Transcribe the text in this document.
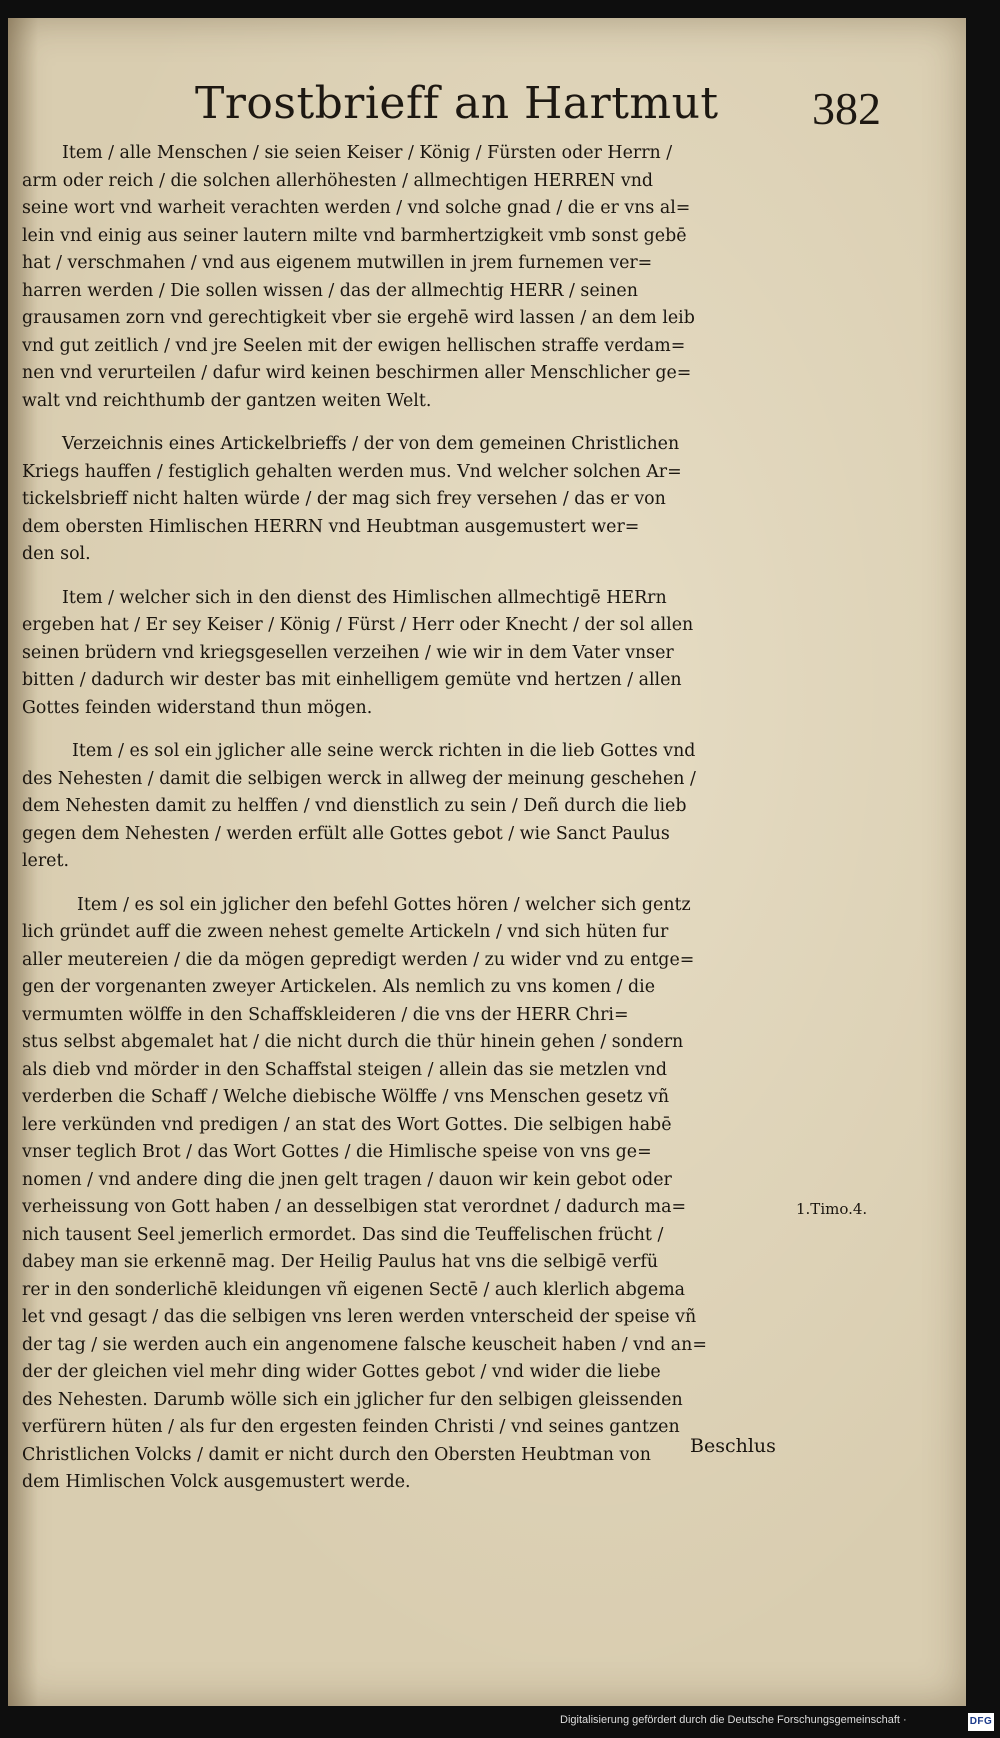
Trostbrieff an Hartmut 382
Item / alle Menschen / sie seien Keiser / König / Fürsten oder Herrn /
arm oder reich / die solchen allerhöhesten / allmechtigen HERREN vnd
seine wort vnd warheit verachten werden / vnd solche gnad / die er vns al=
lein vnd einig aus seiner lautern milte vnd barmhertzigkeit vmb sonst gebē
hat / verschmahen / vnd aus eigenem mutwillen in jrem furnemen ver=
harren werden / Die sollen wissen / das der allmechtig HERR / seinen
grausamen zorn vnd gerechtigkeit vber sie ergehē wird lassen / an dem leib
vnd gut zeitlich / vnd jre Seelen mit der ewigen hellischen straffe verdam=
nen vnd verurteilen / dafur wird keinen beschirmen aller Menschlicher ge=
walt vnd reichthumb der gantzen weiten Welt.
Verzeichnis eines Artickelbrieffs / der von dem gemeinen Christlichen
Kriegs hauffen / festiglich gehalten werden mus. Vnd welcher solchen Ar=
tickelsbrieff nicht halten würde / der mag sich frey versehen / das er von
dem obersten Himlischen HERRN vnd Heubtman ausgemustert wer=
den sol.
Item / welcher sich in den dienst des Himlischen allmechtigē HERrn
ergeben hat / Er sey Keiser / König / Fürst / Herr oder Knecht / der sol allen
seinen brüdern vnd kriegsgesellen verzeihen / wie wir in dem Vater vnser
bitten / dadurch wir dester bas mit einhelligem gemüte vnd hertzen / allen
Gottes feinden widerstand thun mögen.
Item / es sol ein jglicher alle seine werck richten in die lieb Gottes vnd
des Nehesten / damit die selbigen werck in allweg der meinung geschehen /
dem Nehesten damit zu helffen / vnd dienstlich zu sein / Deñ durch die lieb
gegen dem Nehesten / werden erfült alle Gottes gebot / wie Sanct Paulus
leret.
Item / es sol ein jglicher den befehl Gottes hören / welcher sich gentz
lich gründet auff die zween nehest gemelte Artickeln / vnd sich hüten fur
aller meutereien / die da mögen gepredigt werden / zu wider vnd zu entge=
gen der vorgenanten zweyer Artickelen. Als nemlich zu vns komen / die
vermumten wölffe in den Schaffskleideren / die vns der HERR Chri=
stus selbst abgemalet hat / die nicht durch die thür hinein gehen / sondern
als dieb vnd mörder in den Schaffstal steigen / allein das sie metzlen vnd
verderben die Schaff / Welche diebische Wölffe / vns Menschen gesetz vñ
lere verkünden vnd predigen / an stat des Wort Gottes. Die selbigen habē
vnser teglich Brot / das Wort Gottes / die Himlische speise von vns ge=
nomen / vnd andere ding die jnen gelt tragen / dauon wir kein gebot oder
verheissung von Gott haben / an desselbigen stat verordnet / dadurch ma=
nich tausent Seel jemerlich ermordet. Das sind die Teuffelischen frücht /
dabey man sie erkennē mag. Der Heilig Paulus hat vns die selbigē verfü
rer in den sonderlichē kleidungen vñ eigenen Sectē / auch klerlich abgema
let vnd gesagt / das die selbigen vns leren werden vnterscheid der speise vñ
der tag / sie werden auch ein angenomene falsche keuscheit haben / vnd an=
der der gleichen viel mehr ding wider Gottes gebot / vnd wider die liebe
des Nehesten. Darumb wölle sich ein jglicher fur den selbigen gleissenden
verfürern hüten / als fur den ergesten feinden Christi / vnd seines gantzen
Christlichen Volcks / damit er nicht durch den Obersten Heubtman von
dem Himlischen Volck ausgemustert werde.
1.Timo.4.
Beschlus
Digitalisierung gefördert durch die Deutsche Forschungsgemeinschaft ·	DFG
